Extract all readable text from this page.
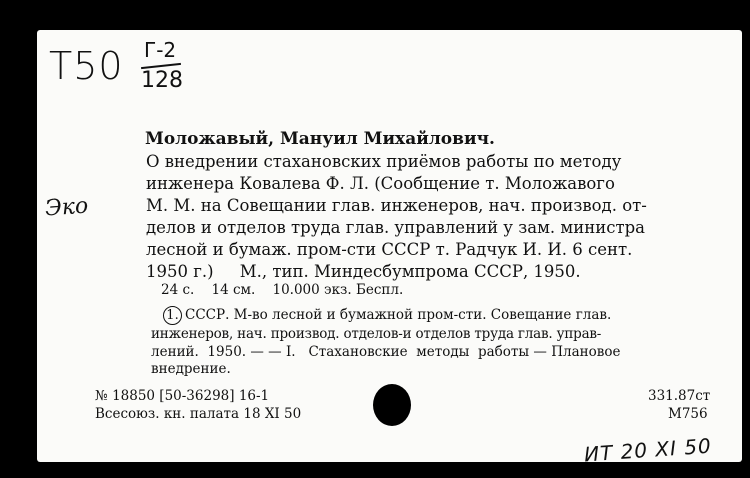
Т50 Г-2
128
Эко
Моложавый, Мануил Михайлович.
О внедрении стахановских приёмов работы по методу
инженера Ковалева Ф. Л. (Сообщение т. Моложавого
М. М. на Совещании глав. инженеров, нач. производ. от-
делов и отделов труда глав. управлений у зам. министра
лесной и бумаж. пром-сти СССР т. Радчук И. И. 6 сент.
1950 г.)     М., тип. Миндесбумпрома СССР, 1950.
24 с.    14 см.    10.000 экз. Беспл.
1. СССР. М-во лесной и бумажной пром-сти. Совещание глав.
инженеров, нач. производ. отделов-и отделов труда глав. управ-
лений.  1950. — — I.   Стахановские  методы  работы — Плановое
внедрение.
№ 18850 [50-36298] 16-1
Всесоюз. кн. палата 18 XI 50
331.87ст
М756
ИТ 20 ХI 50
